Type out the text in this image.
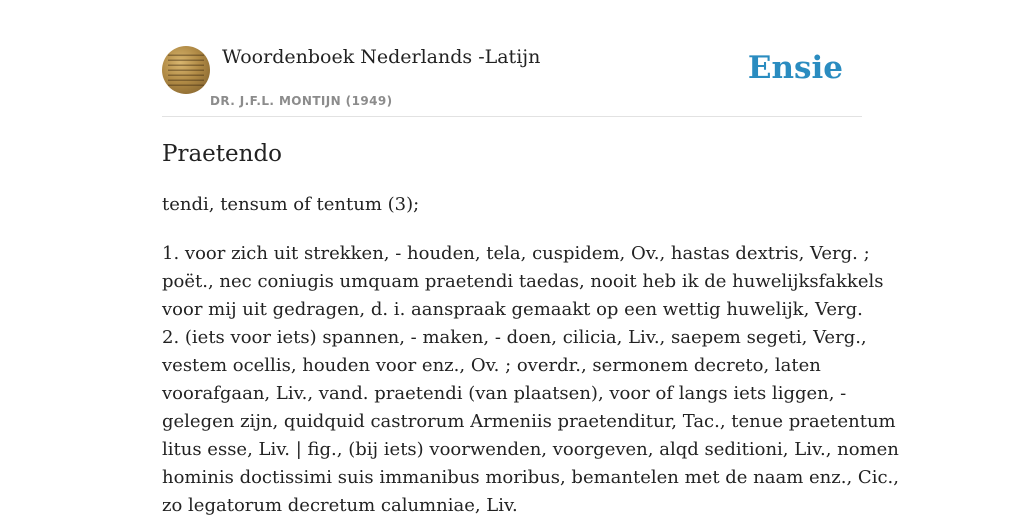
Woordenboek Nederlands -Latijn
DR. J.F.L. MONTIJN (1949)
Ensie
Praetendo
tendi, tensum of tentum (3);
1. voor zich uit strekken, - houden, tela, cuspidem, Ov., hastas dextris, Verg. ;
poët., nec coniugis umquam praetendi taedas, nooit heb ik de huwelijksfakkels
voor mij uit gedragen, d. i. aanspraak gemaakt op een wettig huwelijk, Verg.
2. (iets voor iets) spannen, - maken, - doen, cilicia, Liv., saepem segeti, Verg.,
vestem ocellis, houden voor enz., Ov. ; overdr., sermonem decreto, laten
voorafgaan, Liv., vand. praetendi (van plaatsen), voor of langs iets liggen, -
gelegen zijn, quidquid castrorum Armeniis praetenditur, Tac., tenue praetentum
litus esse, Liv. | fig., (bij iets) voorwenden, voorgeven, alqd seditioni, Liv., nomen
hominis doctissimi suis immanibus moribus, bemantelen met de naam enz., Cic.,
zo legatorum decretum calumniae, Liv.
